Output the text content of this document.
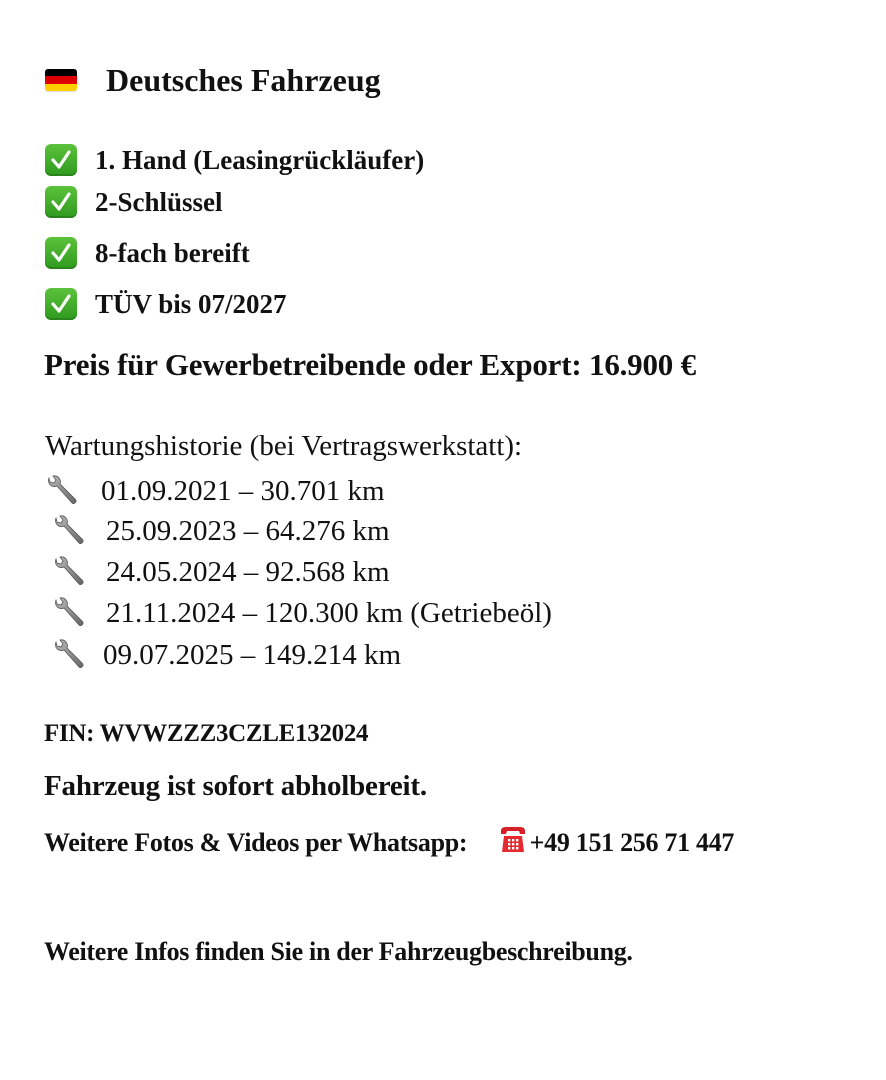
Deutsches Fahrzeug
1. Hand (Leasingrückläufer)
2-Schlüssel
8-fach bereift
TÜV bis 07/2027
Preis für Gewerbetreibende oder Export: 16.900 €
Wartungshistorie (bei Vertragswerkstatt):
01.09.2021 – 30.701 km
25.09.2023 – 64.276 km
24.05.2024 – 92.568 km
21.11.2024 – 120.300 km (Getriebeöl)
09.07.2025 – 149.214 km
FIN: WVWZZZ3CZLE132024
Fahrzeug ist sofort abholbereit.
Weitere Fotos & Videos per Whatsapp: +49 151 256 71 447
Weitere Infos finden Sie in der Fahrzeugbeschreibung.
